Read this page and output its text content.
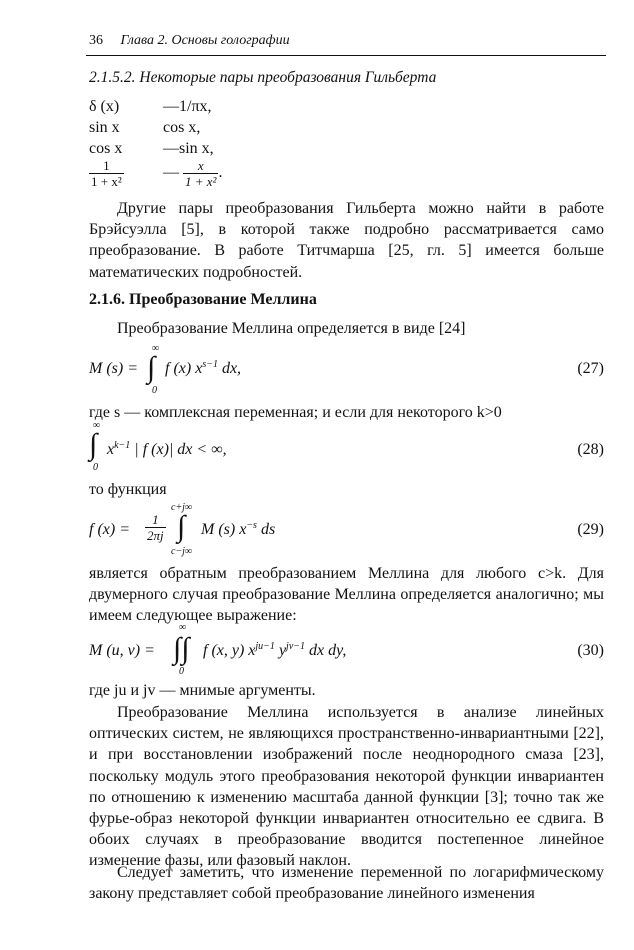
36 Глава 2. Основы голографии
2.1.5.2. Некоторые пары преобразования Гильберта
δ (x)	—1/πx,
sin x	cos x,
cos x	—sin x,
$\frac{1}{\text{1 + x²}}$ — $\frac{x}{\text{1 + x²}}$ .

Другие пары преобразования Гильберта можно найти в работе Брэйсуэлла [5], в которой также подробно рассматривается само преобразование. В работе Титчмарша [25, гл. 5] имеется больше математических подробностей.

2.1.6. Преобразование Меллина

Преобразование Меллина определяется в виде [24]

M (s) =
∞
∫
0
f (x) $x^{s-1}$ dx,	(27)

где s — комплексная переменная; и если для некоторого k>0

∞
∫
0
$x^{k-1}$ | f (x)| dx < ∞,	(28)

то функция

f $(x) = \frac{1}{2\pi j}$
c+j∞
∫
c−j∞
M (s) $x^{-s}$ ds	(29)

является обратным преобразованием Меллина для любого c>k. Для двумерного случая преобразование Меллина определяется аналогично; мы имеем следующее выражение:

M (u, v) =
∞
∫∫
0
f (x, y) $x^{ju-1}$ $y^{jv-1}$ dx dy,	(30)

где ju и jv — мнимые аргументы.

Преобразование Меллина используется в анализе линейных оптических систем, не являющихся пространственно-инвариантными [22], и при восстановлении изображений после неоднородного смаза [23], поскольку модуль этого преобразования некоторой функции инвариантен по отношению к изменению масштаба данной функции [3]; точно так же фурье-образ некоторой функции инвариантен относительно ее сдвига. В обоих случаях в преобразование вводится постепенное линейное изменение фазы, или фазовый наклон.

Следует заметить, что изменение переменной по логарифмическому закону представляет собой преобразование линейного изменения
